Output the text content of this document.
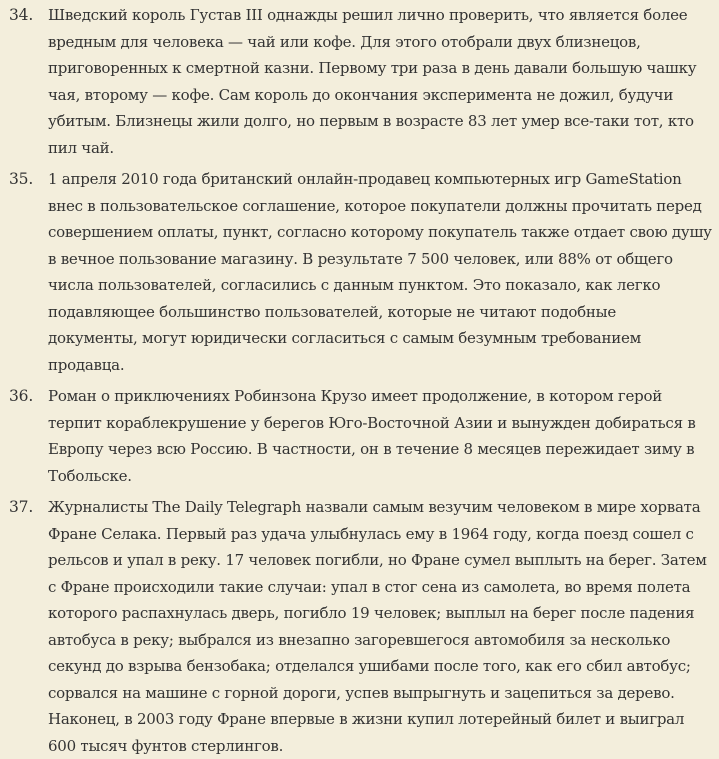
34. Шведский король Густав III однажды решил лично проверить, что является более
вредным для человека — чай или кофе. Для этого отобрали двух близнецов,
приговоренных к смертной казни. Первому три раза в день давали большую чашку
чая, второму — кофе. Сам король до окончания эксперимента не дожил, будучи
убитым. Близнецы жили долго, но первым в возрасте 83 лет умер все-таки тот, кто
пил чай.
35. 1 апреля 2010 года британский онлайн-продавец компьютерных игр GameStation
внес в пользовательское соглашение, которое покупатели должны прочитать перед
совершением оплаты, пункт, согласно которому покупатель также отдает свою душу
в вечное пользование магазину. В результате 7 500 человек, или 88% от общего
числа пользователей, согласились с данным пунктом. Это показало, как легко
подавляющее большинство пользователей, которые не читают подобные
документы, могут юридически согласиться с самым безумным требованием
продавца.
36. Роман о приключениях Робинзона Крузо имеет продолжение, в котором герой
терпит кораблекрушение у берегов Юго-Восточной Азии и вынужден добираться в
Европу через всю Россию. В частности, он в течение 8 месяцев пережидает зиму в
Тобольске.
37. Журналисты The Daily Telegraph назвали самым везучим человеком в мире хорвата
Фране Селака. Первый раз удача улыбнулась ему в 1964 году, когда поезд сошел с
рельсов и упал в реку. 17 человек погибли, но Фране сумел выплыть на берег. Затем
с Фране происходили такие случаи: упал в стог сена из самолета, во время полета
которого распахнулась дверь, погибло 19 человек; выплыл на берег после падения
автобуса в реку; выбрался из внезапно загоревшегося автомобиля за несколько
секунд до взрыва бензобака; отделался ушибами после того, как его сбил автобус;
сорвался на машине с горной дороги, успев выпрыгнуть и зацепиться за дерево.
Наконец, в 2003 году Фране впервые в жизни купил лотерейный билет и выиграл
600 тысяч фунтов стерлингов.
